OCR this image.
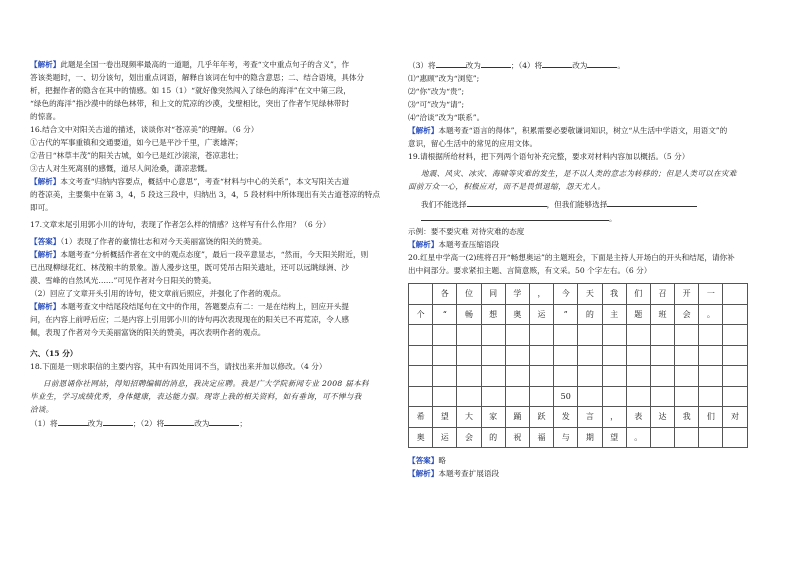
【解析】此题是全国一卷出现频率最高的一道题，几乎年年考，考查“文中重点句子的含义”，作
答该类题时，一、切分该句，划出重点词语，解释自该词在句中的隐含意思；二、结合语境，具体分
析，把握作者的隐含在其中的情感。如 15（1）“就好像突然闯入了绿色的海洋”在文中第三段，
“绿色的海洋”指沙漠中的绿色林带，和上文的荒凉的沙漠，戈壁相比，突出了作者乍见绿林带时
的惊喜。

16.结合文中对阳关古道的描述，谈谈你对“苍凉美”的理解。（6 分）

①古代的军事重镇和交通要道，如今已是平沙千里，广袤雄浑；

②昔日“林草丰茂”的阳关古城，如今已是红沙滚滚，苍凉悲壮；

③古人对生死离别的感慨，道尽人间沧桑，潇凉悲慨。

【解析】本文考查“归纳内容要点，概括中心意思”，考查“材料与中心的关系”，本文写阳关古道
的苍凉美，主要集中在第 3，4，5 段这三段中，归纳出 3，4，5 段材料中所体现出有关古道苍凉的特点
即可。

17.文章末尾引用郭小川的诗句，表现了作者怎么样的情感？这样写有什么作用？（6 分）

【答案】（1）表现了作者的豪情壮志和对今天美丽富饶的阳关的赞美。

【解析】本题考查“分析概括作者在文中的观点态度”，最后一段辛意显志，“然而，今天阳关附近，则
已出现柳绿花红、林茂粮丰的景象。游人漫步这里，既可凭吊古阳关遗址，还可以远眺绿洲、沙
漠、雪峰的自然风光……”可见作者对今日阳关的赞美。

（2）回应了文章开头引用的诗句，使文章前后照应，并强化了作者的观点。

【解析】本题考查文中结尾段结尾句在文中的作用，答题要点有二：一是在结构上，回应开头提
问，在内容上前呼后应；二是内容上引用郭小川的诗句再次表现现在的阳关已不再荒凉，令人感
佩，表现了作者对今天美丽富饶的阳关的赞美，再次表明作者的观点。

六、（15 分）

18.下面是一则求职信的主要内容，其中有四处用词不当，请找出来并加以修改。（4 分）

日前恩诵你社网站，得知招聘编辑的消息，我决定应聘。我是广大学院新闻专业 2008 届本科
毕业生，学习成绩优秀，身体健康，表达能力强。现寄上我的相关资料，如有垂询，可不惮与我
洽谈。

（1）将	改为	；（2）将	改为	；

（3）将	改为	；（4）将	改为	。

⑴“惠顾”改为“浏览”;

⑵“你”改为“贵”;

⑶“可”改为“请”;

⑷“洽谈”改为“联系”。

【解析】本题考查“语言的得体”，积累需要必要敬谦词知识，树立“从生活中学语文，用语文”的
意识，留心生活中的常见的应用文体。

19.请根据所给材料，把下列两个语句补充完整，要求对材料内容加以概括。（5 分）

地震、风灾、冰灾、海啸等灾难的发生，是不以人类的意志为转移的；但是人类可以在灾难
面前万众一心，积极应对，而不是畏惧退缩，怨天尤人。

我们不能选择	，但我们能够选择

。

示例：要不要灾难 对待灾难的态度

【解析】本题考查压缩语段

20.红星中学高一(2)班将召开“畅想奥运”的主题班会，下面是主持人开场白的开头和结尾，请你补
出中间部分。要求紧扣主题、言简意赅，有文采。50 个字左右。（6 分）

	各	位	同	学	，	今	天	我	们	召	开	一	
个	“	畅	想	奥	运	”	的	主	题	班	会	。	

						50							
希	望	大	家	踊	跃	发	言	，	表	达	我	们	对
奥	运	会	的	祝	福	与	期	望	。				

【答案】略

【解析】本题考查扩展语段
